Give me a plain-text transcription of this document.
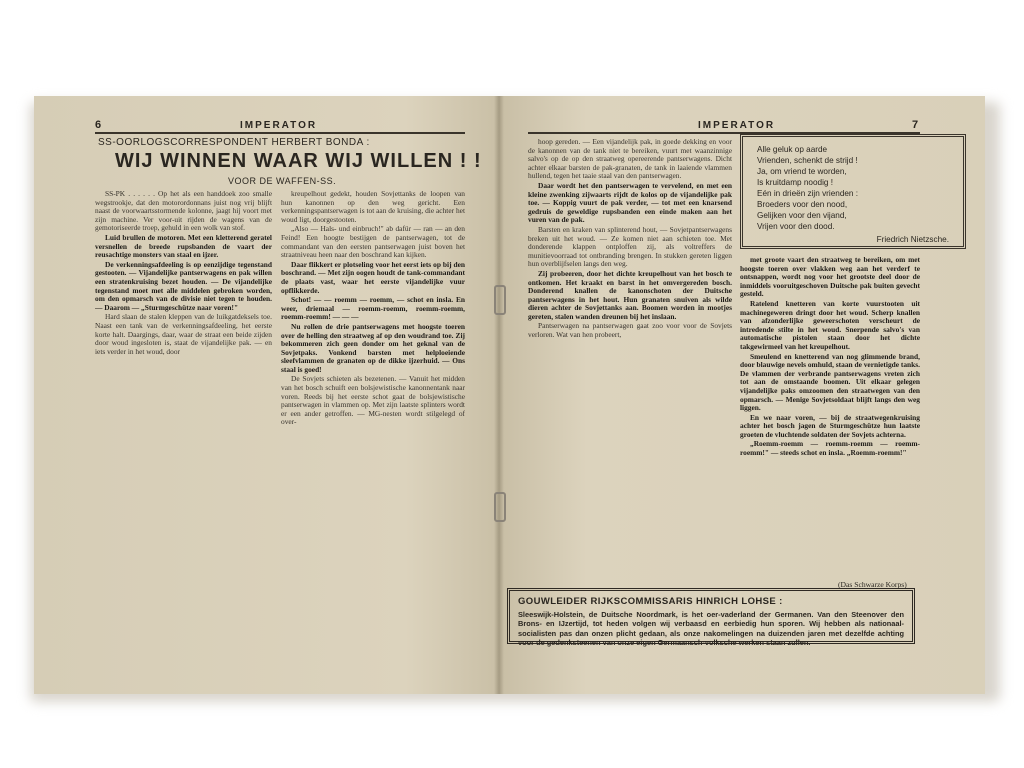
6	IMPERATOR
SS-OORLOGSCORRESPONDENT HERBERT BONDA :
WIJ WINNEN WAAR WIJ WILLEN ! !
VOOR DE WAFFEN-SS.

SS-PK . . . . . . Op het als een handdoek zoo smalle wegstrookje, dat den motorordonnans juist nog vrij blijft naast de voorwaartsstormende kolonne, jaagt hij voort met zijn machine. Ver voor-uit rijden de wagens van de gemotoriseerde troep, gehuld in een wolk van stof.

Luid brullen de motoren. Met een kletterend geratel versnellen de breede rupsbanden de vaart der reusachtige monsters van staal en ijzer.

De verkenningsafdeeling is op eenzijdige tegenstand gestooten. — Vijandelijke pantserwagens en pak willen een stratenkruising bezet houden. — De vijandelijke tegenstand moet met alle middelen gebroken worden, om den opmarsch van de divisie niet tegen te houden. — Daarom — „Sturmgeschütze naar voren!"

Hard slaan de stalen kleppen van de luikgatdeksels toe. Naast een tank van de verkenningsafdeeling, het eerste korte halt. Daargings, daar, waar de straat een beide zijden door woud ingesloten is, staat de vijandelijke pak. — en iets verder in het woud, door

kreupelhout gedekt, houden Sovjettanks de loopen van hun kanonnen op den weg gericht. Een verkenningspantserwagen is tot aan de kruising, die achter het woud ligt, doorgestooten.

„Also — Hals- und einbruch!" ab dafür — ran — an den Feind! Een hoogte bestijgen de pantserwagen, tot de commandant van den eersten pantserwagen juist boven het straatniveau heen naar den boschrand kan kijken.

Daar flikkert er plotseling voor het eerst iets op bij den boschrand. — Met zijn oogen houdt de tank-commandant de plaats vast, waar het eerste vijandelijke vuur opflikkerde.

Schot! — — roemm — roemm, — schot en insla. En weer, driemaal — roemm-roemm, roemm-roemm, roemm-roemm! — — —

Nu rollen de drie pantserwagens met hoogste toeren over de helling den straatweg af op den woudrand toe. Zij bekommeren zich geen donder om het geknal van de Sovjetpaks. Vonkend barsten met helploeiende sleefvlammen de granaten op de dikke ijzerhuid. — Ons staal is goed!

De Sovjets schieten als bezetenen. — Vanuit het midden van het bosch schuift een bolsjewistische kanonnentank naar voren. Reeds bij het eerste schot gaat de bolsjewistische pantserwagen in vlammen op. Met zijn laatste splinters wordt er een ander getroffen. — MG-nesten wordt stilgelegd of over-

IMPERATOR	7

hoop gereden. — Een vijandelijk pak, in goede dekking en voor de kanonnen van de tank niet te bereiken, vuurt met waanzinnige salvo's op de op den straatweg opereerende pantserwagens. Dicht achter elkaar barsten de pak-granaten, de tank in laaiende vlammen hullend, tegen het taaie staal van den pantserwagen.

Daar wordt het den pantserwagen te vervelend, en met een kleine zwenking zijwaarts rijdt de kolos op de vijandelijke pak toe. — Koppig vuurt de pak verder, — tot met een knarsend gedruis de geweldige rupsbanden een einde maken aan het vuren van de pak.

Barsten en kraken van splinterend hout, — Sovjetpantserwagens breken uit het woud. — Ze komen niet aan schieten toe. Met donderende klappen ontploffen zij, als voltreffers de munitievoorraad tot ontbranding brengen. In stukken gereten liggen hun overblijfselen langs den weg.

Zij probeeren, door het dichte kreupelhout van het bosch te ontkomen. Het kraakt en barst in het omvergereden bosch. Donderend knallen de kanonschoten der Duitsche pantserwagens in het hout. Hun granaten snuiven als wilde dieren achter de Sovjettanks aan. Boomen worden in mootjes gereten, stalen wanden dreunen bij het inslaan.

Pantserwagen na pantserwagen gaat zoo voor voor de Sovjets verloren. Wat van hen probeert,

Alle geluk op aarde
Vrienden, schenkt de strijd !
Ja, om vriend te worden,
Is kruitdamp noodig !
Eén in drieën zijn vrienden :
Broeders voor den nood,
Gelijken voor den vijand,
Vrijen voor den dood.
Friedrich Nietzsche.

met groote vaart den straatweg te bereiken, om met hoogste toeren over vlakken weg aan het verderf te ontsnappen, wordt nog voor het grootste deel door de inmiddels vooruitgeschoven Duitsche pak buiten gevecht gesteld.

Ratelend knetteren van korte vuurstooten uit machinegeweren dringt door het woud. Scherp knallen van afzonderlijke geweerschoten verscheurt de intredende stilte in het woud. Snerpende salvo's van automatische pistolen staan door het dichte takgewirmeel van het kreupelhout.

Smeulend en knetterend van nog glimmende brand, door blauwige nevels omhuld, staan de vernietigde tanks. De vlammen der verbrande pantserwagens vreten zich tot aan de omstaande boomen. Uit elkaar gelegen vijandelijke paks omzoomen den straatwegen van den opmarsch. — Menige Sovjetsoldaat blijft langs den weg liggen.

En we naar voren, — bij de straatwegenkruising achter het bosch jagen de Sturmgeschütze hun laatste groeten de vluchtende soldaten der Sovjets achterna.

„Roemm-roemm — roemm-roemm — roemm-roemm!" — steeds schot en insla. „Roemm-roemm!"

(Das Schwarze Korps)
GOUWLEIDER RIJKSCOMMISSARIS HINRICH LOHSE :
Sleeswijk-Holstein, de Duitsche Noordmark, is het oer-vaderland der Germanen. Van den Steenover den Brons- en IJzertijd, tot heden volgen wij verbaasd en eerbiedig hun sporen. Wij hebben als nationaal-socialisten pas dan onzen plicht gedaan, als onze nakomelingen na duizenden jaren met dezelfde achting voor de gedenksteenen van onze eigen Germaansch-volksche werken staan zullen.
